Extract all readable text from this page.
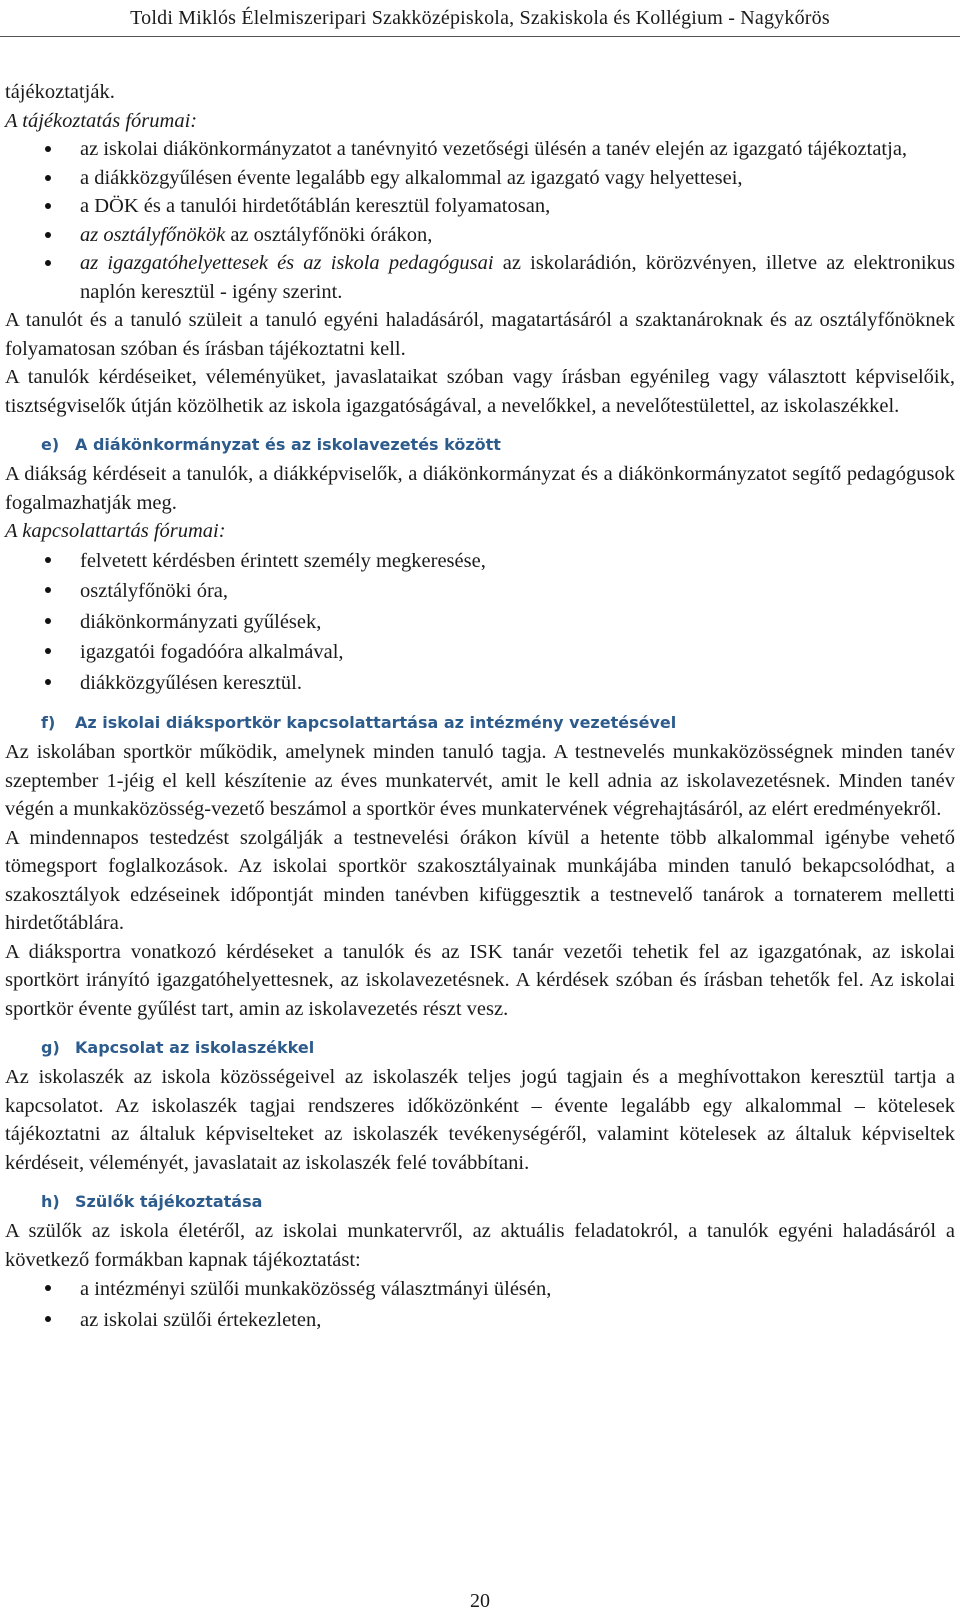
Toldi Miklós Élelmiszeripari Szakközépiskola, Szakiskola és Kollégium - Nagykőrös

tájékoztatják.

A tájékoztatás fórumai:

az iskolai diákönkormányzatot a tanévnyitó vezetőségi ülésén a tanév elején az igazgató tájékoztatja,
a diákközgyűlésen évente legalább egy alkalommal az igazgató vagy helyettesei,
a DÖK és a tanulói hirdetőtáblán keresztül folyamatosan,
az osztályfőnökök az osztályfőnöki órákon,
az igazgatóhelyettesek és az iskola pedagógusai az iskolarádión, körözvényen, illetve az elektronikus naplón keresztül - igény szerint.

A tanulót és a tanuló szüleit a tanuló egyéni haladásáról, magatartásáról a szaktanároknak és az osztályfőnöknek folyamatosan szóban és írásban tájékoztatni kell.

A tanulók kérdéseiket, véleményüket, javaslataikat szóban vagy írásban egyénileg vagy választott képviselőik, tisztségviselők útján közölhetik az iskola igazgatóságával, a nevelőkkel, a nevelőtestülettel, az iskolaszékkel.

e) A diákönkormányzat és az iskolavezetés között

A diákság kérdéseit a tanulók, a diákképviselők, a diákönkormányzat és a diákönkormányzatot segítő pedagógusok fogalmazhatják meg.

A kapcsolattartás fórumai:

felvetett kérdésben érintett személy megkeresése,
osztályfőnöki óra,
diákönkormányzati gyűlések,
igazgatói fogadóóra alkalmával,
diákközgyűlésen keresztül.
f) Az iskolai diáksportkör kapcsolattartása az intézmény vezetésével

Az iskolában sportkör működik, amelynek minden tanuló tagja. A testnevelés munkaközösségnek minden tanév szeptember 1-jéig el kell készítenie az éves munkatervét, amit le kell adnia az iskolavezetésnek. Minden tanév végén a munkaközösség-vezető beszámol a sportkör éves munkatervének végrehajtásáról, az elért eredményekről.

A mindennapos testedzést szolgálják a testnevelési órákon kívül a hetente több alkalommal igénybe vehető tömegsport foglalkozások. Az iskolai sportkör szakosztályainak munkájába minden tanuló bekapcsolódhat, a szakosztályok edzéseinek időpontját minden tanévben kifüggesztik a testnevelő tanárok a tornaterem melletti hirdetőtáblára.

A diáksportra vonatkozó kérdéseket a tanulók és az ISK tanár vezetői tehetik fel az igazgatónak, az iskolai sportkört irányító igazgatóhelyettesnek, az iskolavezetésnek. A kérdések szóban és írásban tehetők fel. Az iskolai sportkör évente gyűlést tart, amin az iskolavezetés részt vesz.

g) Kapcsolat az iskolaszékkel

Az iskolaszék az iskola közösségeivel az iskolaszék teljes jogú tagjain és a meghívottakon keresztül tartja a kapcsolatot. Az iskolaszék tagjai rendszeres időközönként – évente legalább egy alkalommal – kötelesek tájékoztatni az általuk képviselteket az iskolaszék tevékenységéről, valamint kötelesek az általuk képviseltek kérdéseit, véleményét, javaslatait az iskolaszék felé továbbítani.

h) Szülők tájékoztatása

A szülők az iskola életéről, az iskolai munkatervről, az aktuális feladatokról, a tanulók egyéni haladásáról a következő formákban kapnak tájékoztatást:

a intézményi szülői munkaközösség választmányi ülésén,
az iskolai szülői értekezleten,
20
